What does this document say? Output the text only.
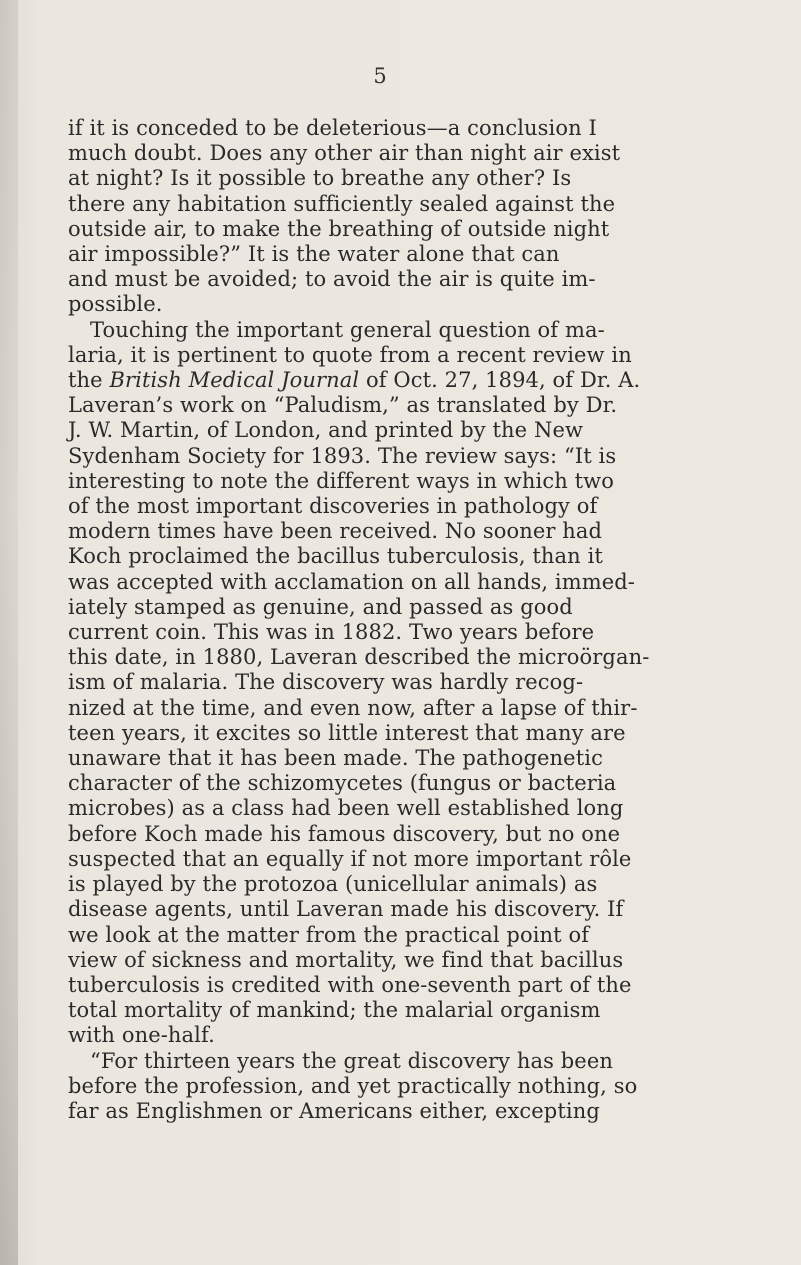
5
if it is conceded to be deleterious—a conclusion I
much doubt. Does any other air than night air exist
at night? Is it possible to breathe any other? Is
there any habitation sufficiently sealed against the
outside air, to make the breathing of outside night
air impossible?” It is the water alone that can
and must be avoided; to avoid the air is quite im-
possible.
Touching the important general question of ma-
laria, it is pertinent to quote from a recent review in
the British Medical Journal of Oct. 27, 1894, of Dr. A.
Laveran’s work on “Paludism,” as translated by Dr.
J. W. Martin, of London, and printed by the New
Sydenham Society for 1893. The review says: “It is
interesting to note the different ways in which two
of the most important discoveries in pathology of
modern times have been received. No sooner had
Koch proclaimed the bacillus tuberculosis, than it
was accepted with acclamation on all hands, immed-
iately stamped as genuine, and passed as good
current coin. This was in 1882. Two years before
this date, in 1880, Laveran described the microörgan-
ism of malaria. The discovery was hardly recog-
nized at the time, and even now, after a lapse of thir-
teen years, it excites so little interest that many are
unaware that it has been made. The pathogenetic
character of the schizomycetes (fungus or bacteria
microbes) as a class had been well established long
before Koch made his famous discovery, but no one
suspected that an equally if not more important rôle
is played by the protozoa (unicellular animals) as
disease agents, until Laveran made his discovery. If
we look at the matter from the practical point of
view of sickness and mortality, we find that bacillus
tuberculosis is credited with one-seventh part of the
total mortality of mankind; the malarial organism
with one-half.
“For thirteen years the great discovery has been
before the profession, and yet practically nothing, so
far as Englishmen or Americans either, excepting
